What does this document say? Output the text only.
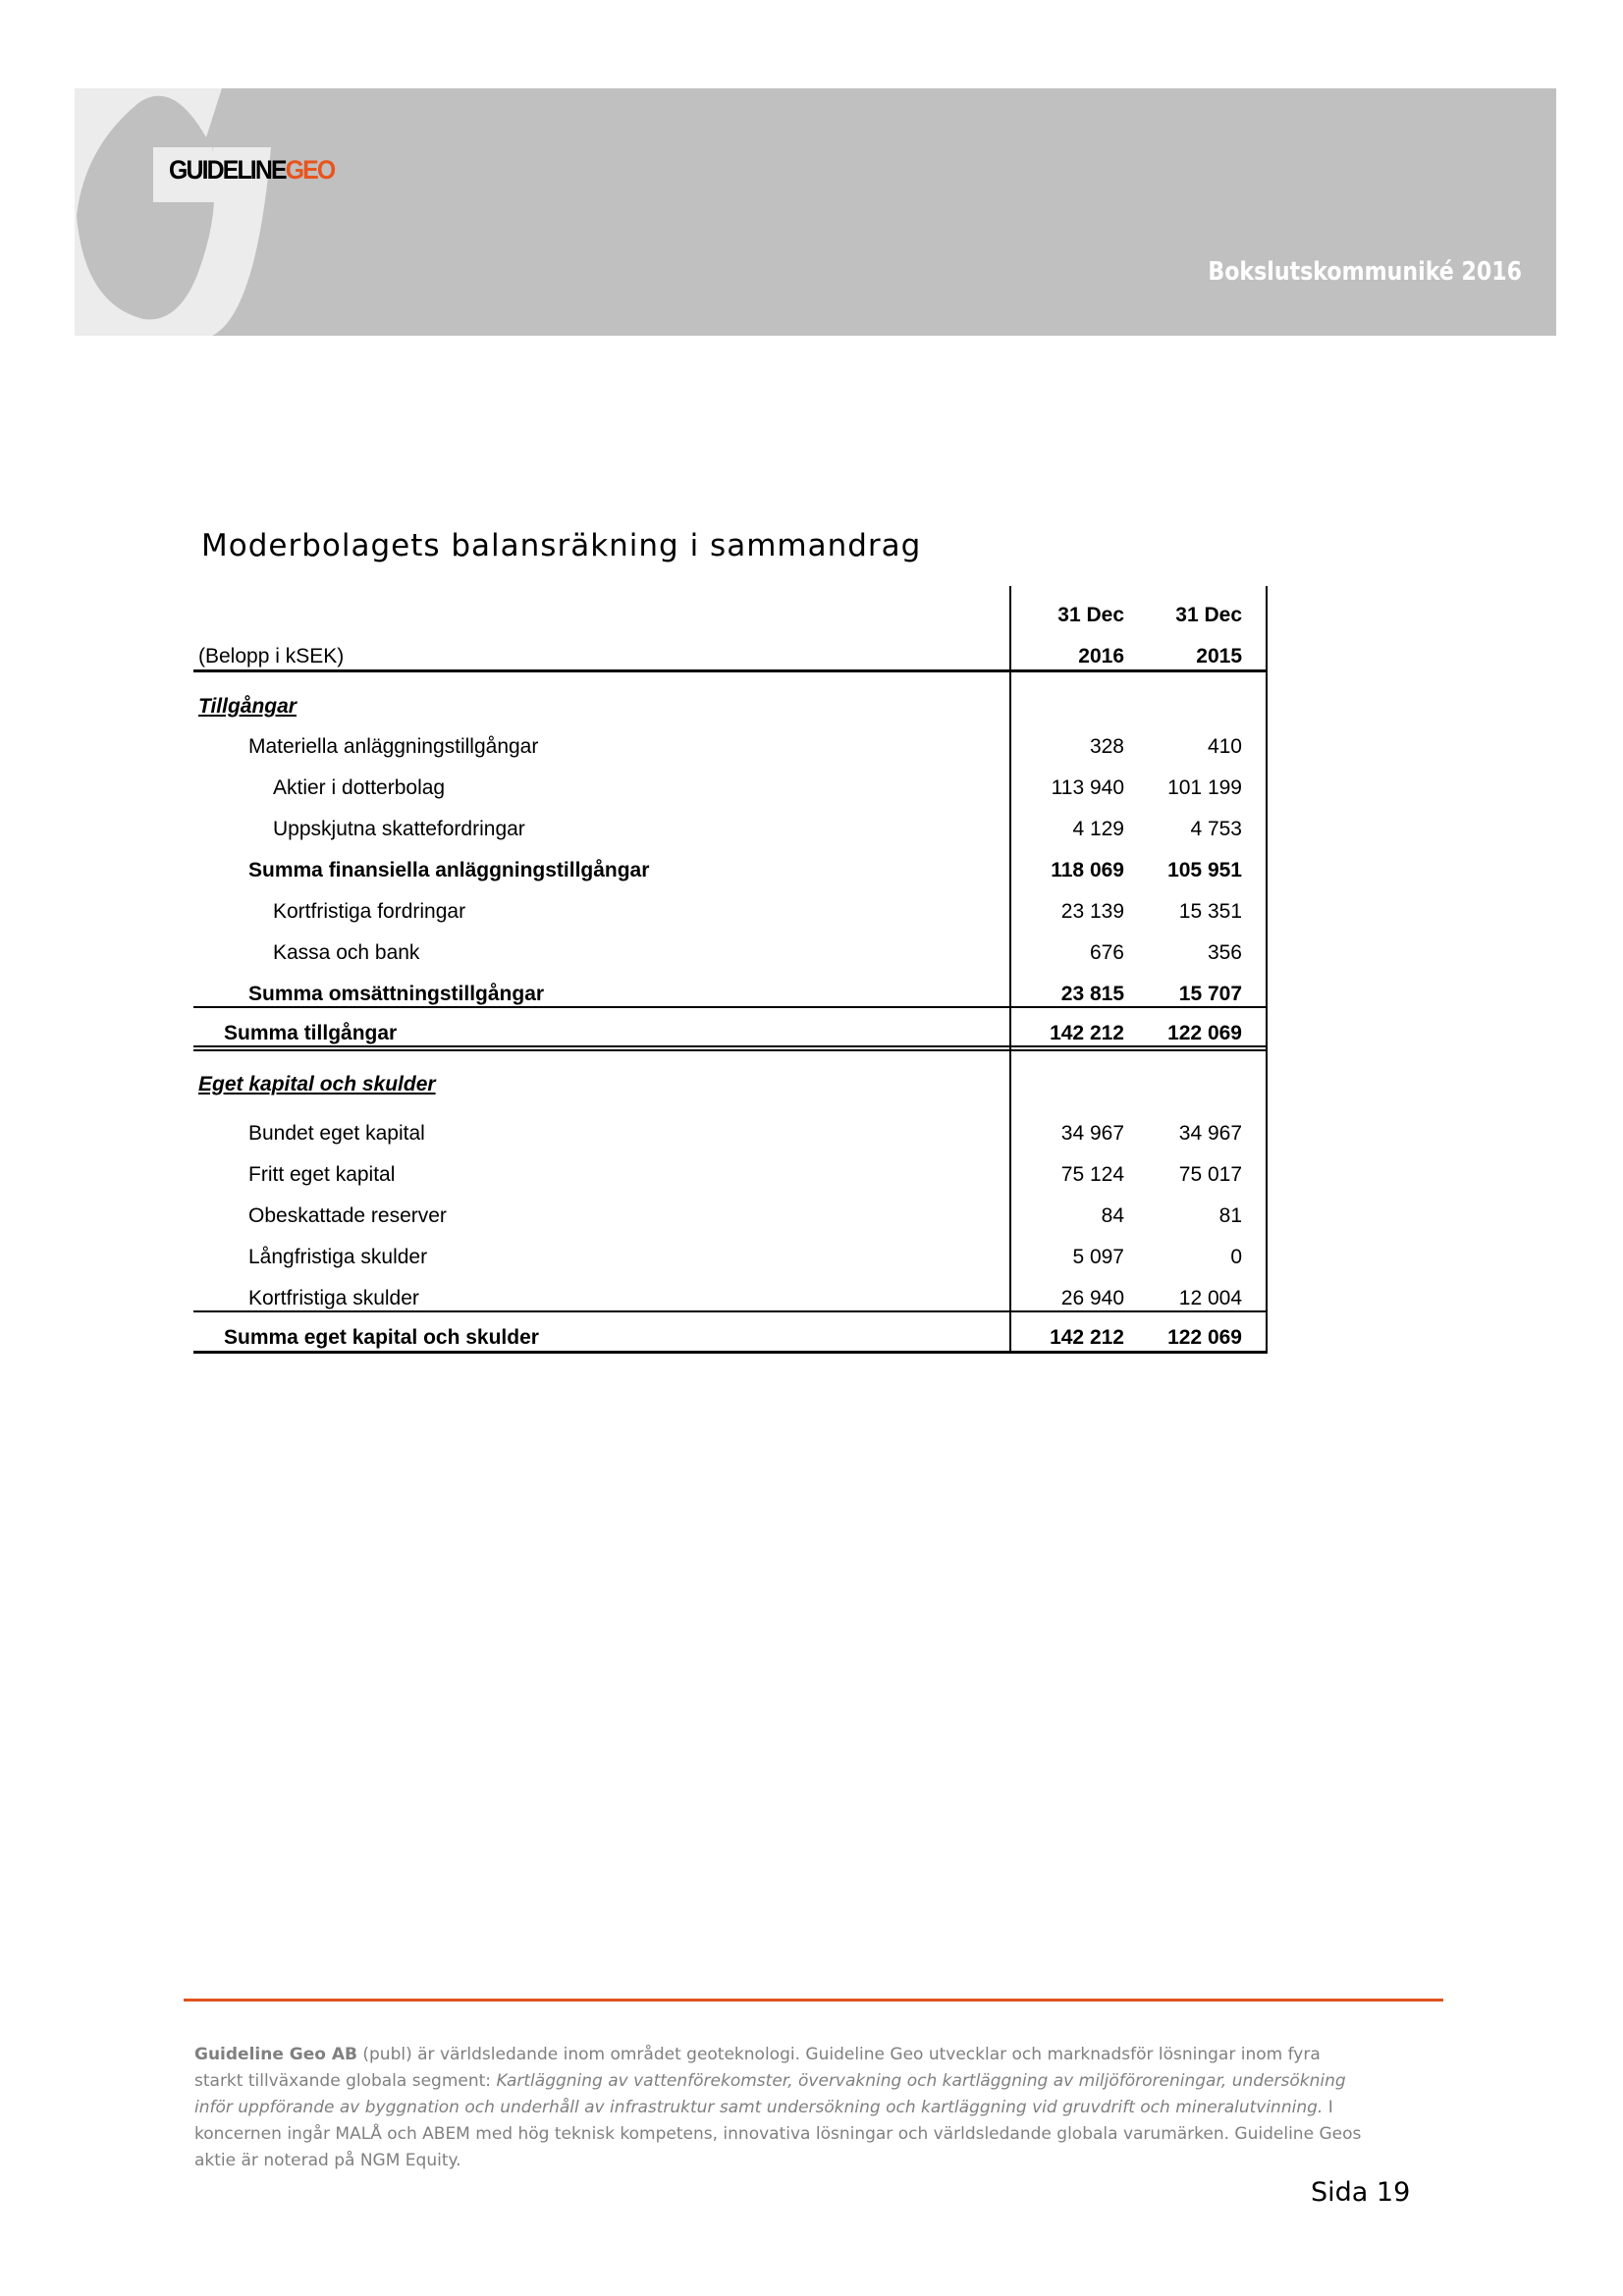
GUIDELINEGEO
Bokslutskommuniké 2016
Moderbolagets balansräkning i sammandrag
Guideline Geo AB (publ) är världsledande inom området geoteknologi. Guideline Geo utvecklar och marknadsför lösningar inom fyra starkt tillväxande globala segment: Kartläggning av vattenförekomster, övervakning och kartläggning av miljöföroreningar, undersökning inför uppförande av byggnation och underhåll av infrastruktur samt undersökning och kartläggning vid gruvdrift och mineralutvinning. I koncernen ingår MALÅ och ABEM med hög teknisk kompetens, innovativa lösningar och världsledande globala varumärken. Guideline Geos aktie är noterad på NGM Equity.
Sida 19
31 Dec	31 Dec
2016	2015
(Belopp i kSEK)
Tillgångar
Materiella anläggningstillgångar	328	410
Aktier i dotterbolag	113 940	101 199
Uppskjutna skattefordringar	4 129	4 753
Summa finansiella anläggningstillgångar	118 069	105 951
Kortfristiga fordringar	23 139	15 351
Kassa och bank	676	356
Summa omsättningstillgångar	23 815	15 707
Summa tillgångar	142 212	122 069
Eget kapital och skulder
Bundet eget kapital	34 967	34 967
Fritt eget kapital	75 124	75 017
Obeskattade reserver	84	81
Långfristiga skulder	5 097	0
Kortfristiga skulder	26 940	12 004
Summa eget kapital och skulder	142 212	122 069
